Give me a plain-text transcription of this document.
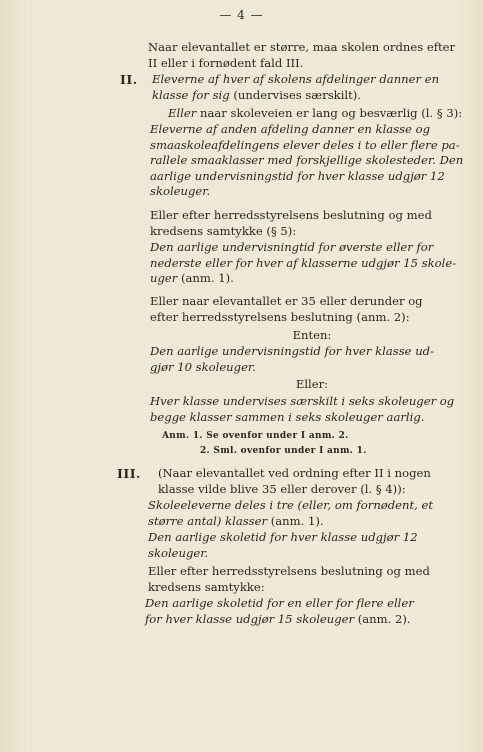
— 4 —

Naar elevantallet er større, maa skolen ordnes efter
II eller i fornødent fald III.

II. Eleverne af hver af skolens afdelinger danner en
klasse for sig (undervises særskilt).

Eller naar skoleveien er lang og besværlig (l. § 3):

Eleverne af anden afdeling danner en klasse og
smaaskoleafdelingens elever deles i to eller flere pa-
rallele smaaklasser med forskjellige skolesteder. Den
aarlige undervisningstid for hver klasse udgjør 12
skoleuger.

Eller efter herredsstyrelsens beslutning og med
kredsens samtykke (§ 5):

Den aarlige undervisningtid for øverste eller for
nederste eller for hver af klasserne udgjør 15 skole-
uger (anm. 1).

Eller naar elevantallet er 35 eller derunder og
efter herredsstyrelsens beslutning (anm. 2):

Enten:

Den aarlige undervisningstid for hver klasse ud-
gjør 10 skoleuger.

Eller:

Hver klasse undervises særskilt i seks skoleuger og
begge klasser sammen i seks skoleuger aarlig.

Anm. 1. Se ovenfor under I anm. 2.
2. Sml. ovenfor under I anm. 1.
III. (Naar elevantallet ved ordning efter II i nogen
klasse vilde blive 35 eller derover (l. § 4)):

Skoleeleverne deles i tre (eller, om fornødent, et
større antal) klasser (anm. 1).

Den aarlige skoletid for hver klasse udgjør 12
skoleuger.

Eller efter herredsstyrelsens beslutning og med
kredsens samtykke:

Den aarlige skoletid for en eller for flere eller
for hver klasse udgjør 15 skoleuger (anm. 2).
